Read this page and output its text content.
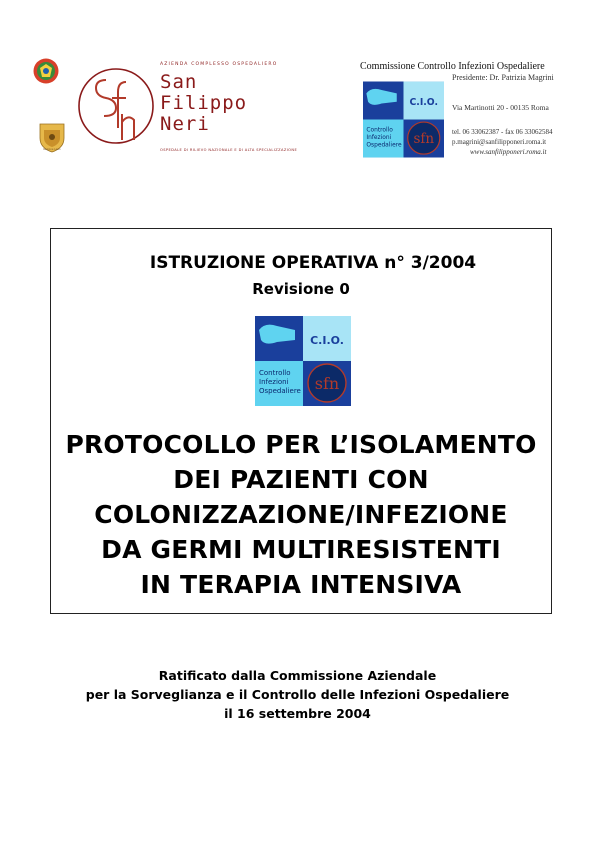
Regione Lazio
AZIENDA COMPLESSO OSPEDALIERO
San
Filippo
Neri
OSPEDALE DI RILIEVO NAZIONALE E DI ALTA SPECIALIZZAZIONE
Commissione Controllo Infezioni Ospedaliere
Presidente: Dr. Patrizia Magrini
C.I.O.
Controllo
Infezioni
Ospedaliere sfn
Via Martinotti 20 - 00135 Roma
tel. 06 33062387 - fax 06 33062584
p.magrini@sanfilipponeri.roma.it
www.sanfilipponeri.roma.it
ISTRUZIONE OPERATIVA n° 3/2004
Revisione 0
C.I.O.
Controllo
Infezioni
Ospedaliere sfn
PROTOCOLLO PER L’ISOLAMENTO
DEI PAZIENTI CON
COLONIZZAZIONE/INFEZIONE
DA GERMI MULTIRESISTENTI
IN TERAPIA INTENSIVA
Ratificato dalla Commissione Aziendale
per la Sorveglianza e il Controllo delle Infezioni Ospedaliere
il 16 settembre 2004
